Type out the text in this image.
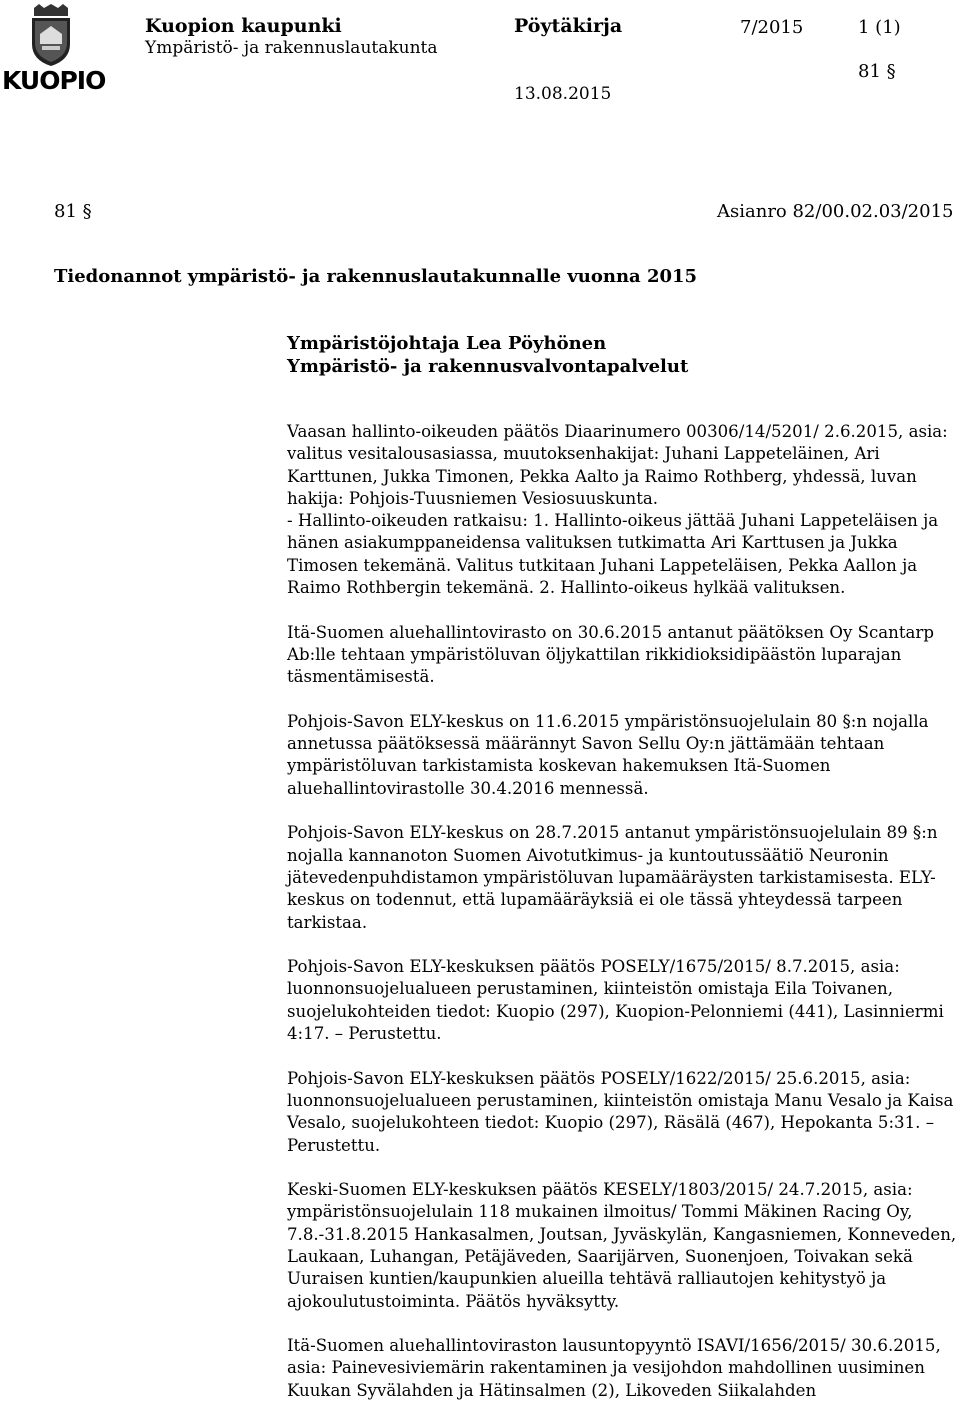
KUOPIO
Kuopion kaupunki
Ympäristö- ja rakennuslautakunta
Pöytäkirja	7/2015	1 (1)
13.08.2015
81 §
81 §	Asianro 82/00.02.03/2015
Tiedonannot ympäristö- ja rakennuslautakunnalle vuonna 2015
Ympäristöjohtaja Lea Pöyhönen
Ympäristö- ja rakennusvalvontapalvelut

Vaasan hallinto-oikeuden päätös Diaarinumero 00306/14/5201/ 2.6.2015, asia: valitus vesitalousasiassa, muutoksenhakijat: Juhani Lappeteläinen, Ari Karttunen, Jukka Timonen, Pekka Aalto ja Raimo Rothberg, yhdessä, luvan hakija: Pohjois-Tuusniemen Vesiosuuskunta.
- Hallinto-oikeuden ratkaisu: 1. Hallinto-oikeus jättää Juhani Lappeteläisen ja hänen asiakumppaneidensa valituksen tutkimatta Ari Karttusen ja Jukka Timosen tekemänä. Valitus tutkitaan Juhani Lappeteläisen, Pekka Aallon ja Raimo Rothbergin tekemänä. 2. Hallinto-oikeus hylkää valituksen.

Itä-Suomen aluehallintovirasto on 30.6.2015 antanut päätöksen Oy Scantarp Ab:lle tehtaan ympäristöluvan öljykattilan rikkidioksidipäästön luparajan täsmentämisestä.

Pohjois-Savon ELY-keskus on 11.6.2015 ympäristönsuojelulain 80 §:n nojalla annetussa päätöksessä määrännyt Savon Sellu Oy:n jättämään tehtaan ympäristöluvan tarkistamista koskevan hakemuksen Itä-Suomen aluehallintovirastolle 30.4.2016 mennessä.

Pohjois-Savon ELY-keskus on 28.7.2015 antanut ympäristönsuojelulain 89 §:n nojalla kannanoton Suomen Aivotutkimus- ja kuntoutussäätiö Neuronin jätevedenpuhdistamon ympäristöluvan lupamääräysten tarkistamisesta. ELY-keskus on todennut, että lupamääräyksiä ei ole tässä yhteydessä tarpeen tarkistaa.

Pohjois-Savon ELY-keskuksen päätös POSELY/1675/2015/ 8.7.2015, asia: luonnonsuojelualueen perustaminen, kiinteistön omistaja Eila Toivanen, suojelukohteiden tiedot: Kuopio (297), Kuopion-Pelonniemi (441), Lasinniermi 4:17. – Perustettu.

Pohjois-Savon ELY-keskuksen päätös POSELY/1622/2015/ 25.6.2015, asia: luonnonsuojelualueen perustaminen, kiinteistön omistaja Manu Vesalo ja Kaisa Vesalo, suojelukohteen tiedot: Kuopio (297), Räsälä (467), Hepokanta 5:31. – Perustettu.

Keski-Suomen ELY-keskuksen päätös KESELY/1803/2015/ 24.7.2015, asia: ympäristönsuojelulain 118 mukainen ilmoitus/ Tommi Mäkinen Racing Oy, 7.8.-31.8.2015 Hankasalmen, Joutsan, Jyväskylän, Kangasniemen, Konneveden, Laukaan, Luhangan, Petäjäveden, Saarijärven, Suonenjoen, Toivakan sekä Uuraisen kuntien/kaupunkien alueilla tehtävä ralliautojen kehitystyö ja ajokoulutustoiminta. Päätös hyväksytty.

Itä-Suomen aluehallintoviraston lausuntopyyntö ISAVI/1656/2015/ 30.6.2015, asia: Painevesiviemärin rakentaminen ja vesijohdon mahdollinen uusiminen Kuukan Syvälahden ja Hätinsalmen (2), Likoveden Siikalahden
